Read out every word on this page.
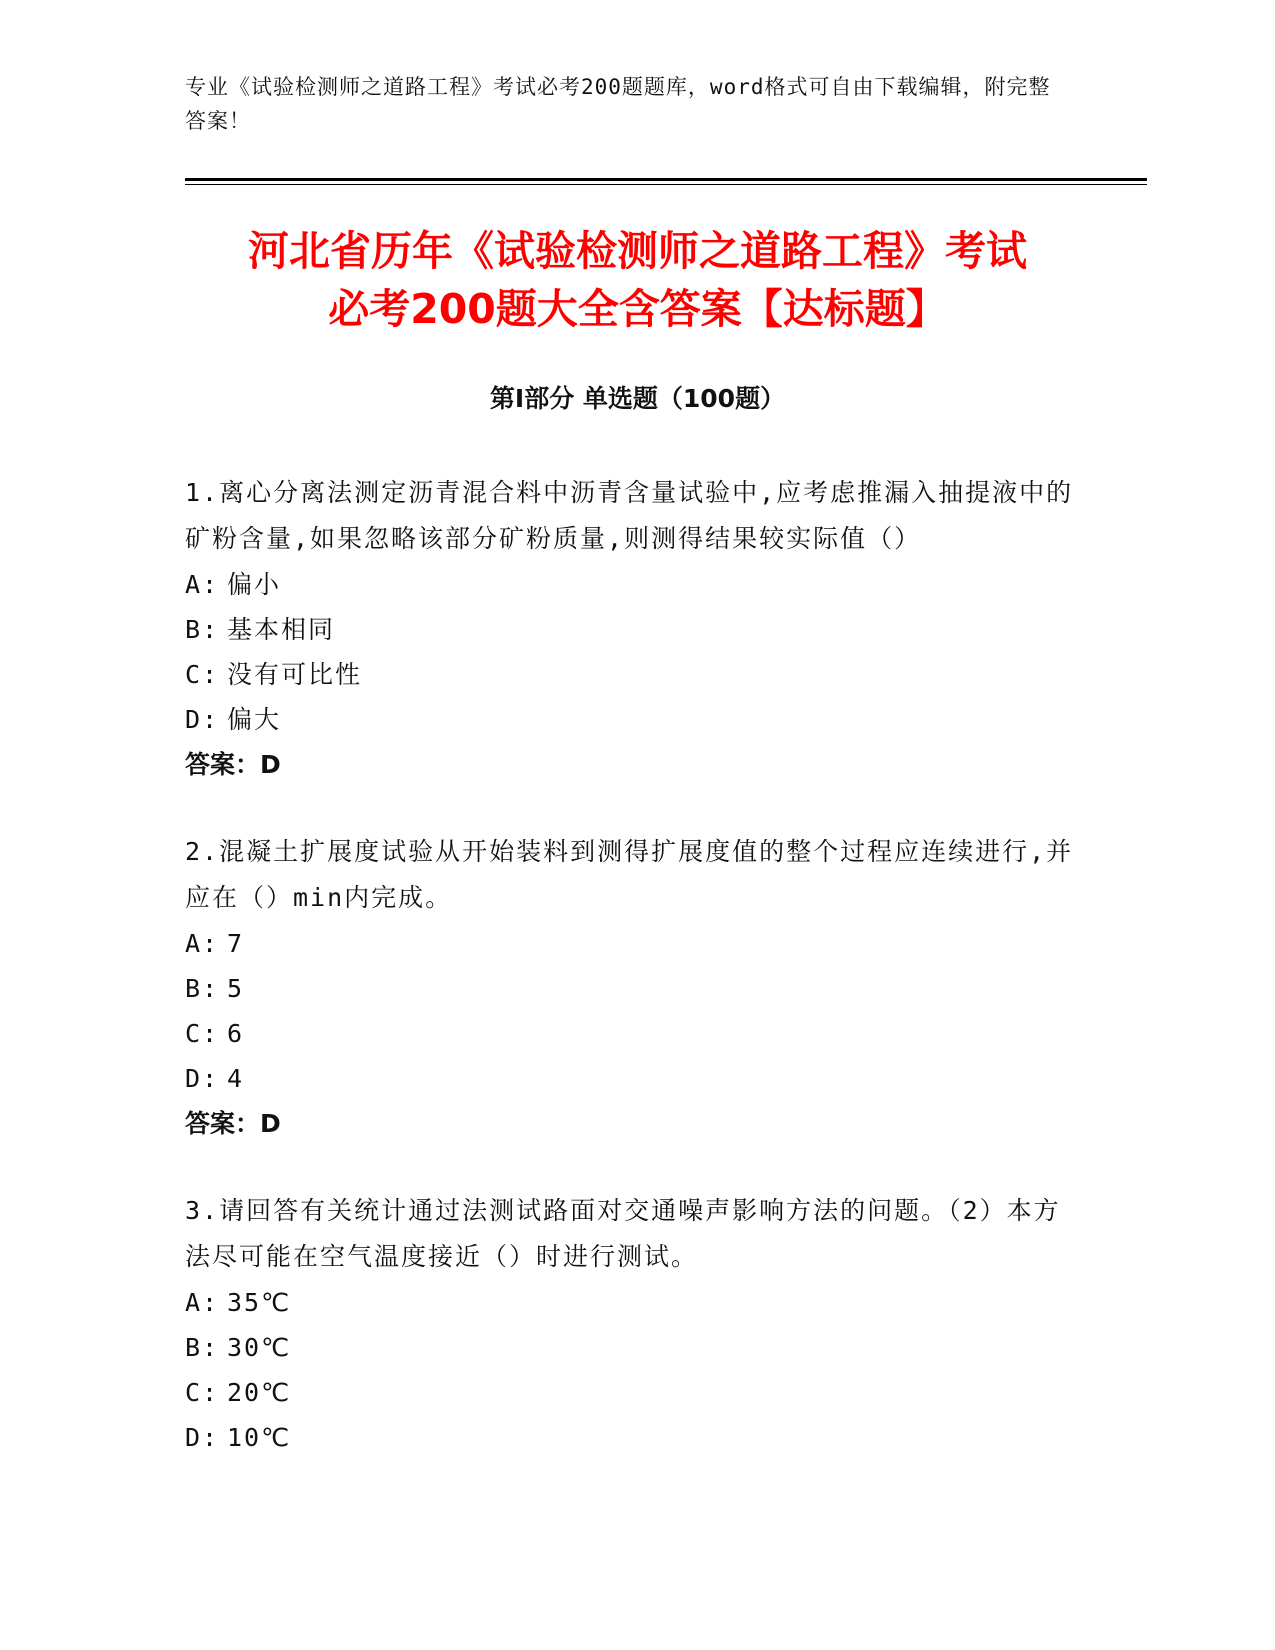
专业《试验检测师之道路工程》考试必考200题题库，word格式可自由下载编辑，附完整答案！
河北省历年《试验检测师之道路工程》考试
必考200题大全含答案【达标题】
第Ⅰ部分 单选题（100题）
1.离心分离法测定沥青混合料中沥青含量试验中,应考虑推漏入抽提液中的矿粉含量,如果忽略该部分矿粉质量,则测得结果较实际值（）
A: 偏小
B: 基本相同
C: 没有可比性
D: 偏大
答案：D
2.混凝土扩展度试验从开始装料到测得扩展度值的整个过程应连续进行,并应在（）min内完成。
A: 7
B: 5
C: 6
D: 4
答案：D
3.请回答有关统计通过法测试路面对交通噪声影响方法的问题。（2）本方法尽可能在空气温度接近（）时进行测试。
A: 35℃
B: 30℃
C: 20℃
D: 10℃
